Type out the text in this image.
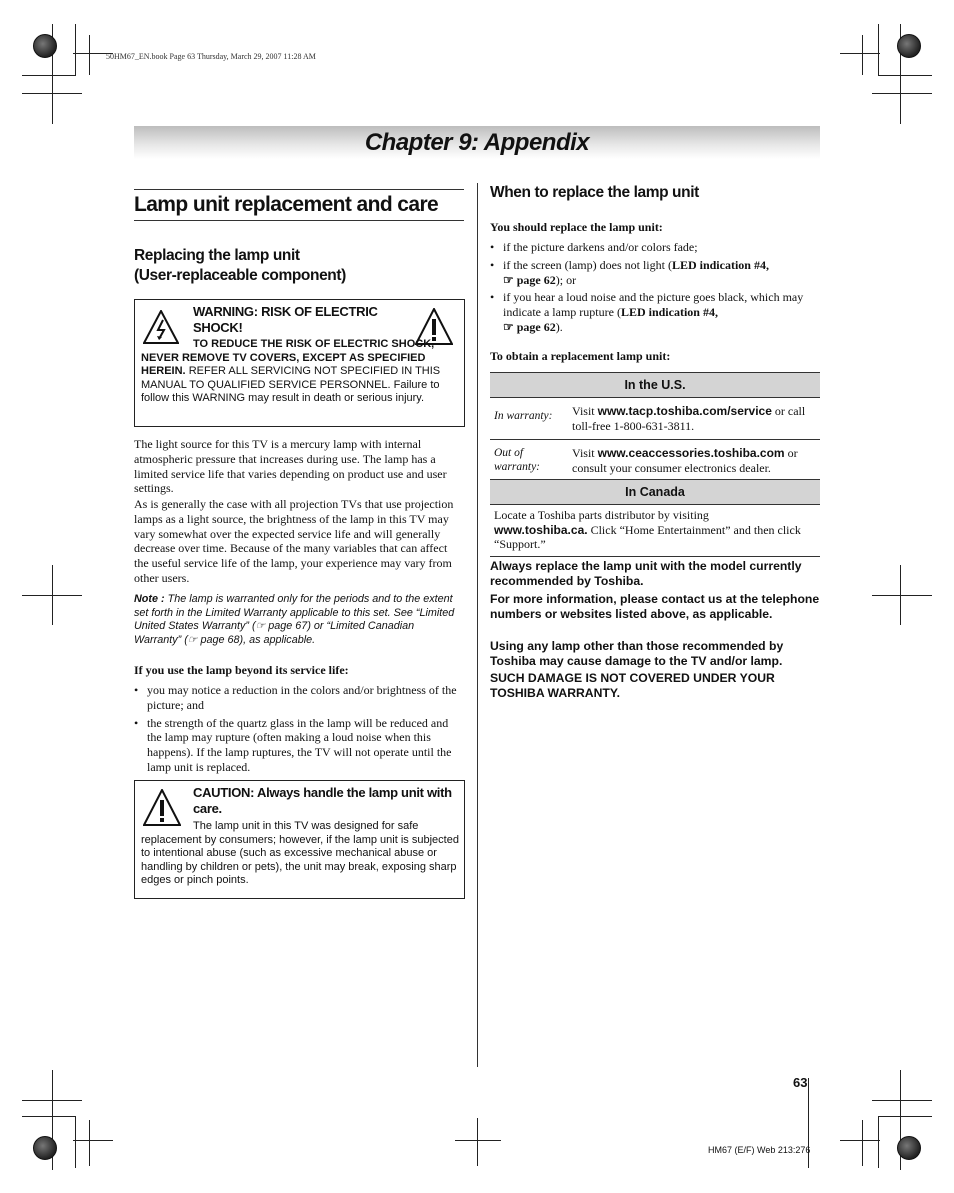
50HM67_EN.book Page 63 Thursday, March 29, 2007 11:28 AM
Chapter 9: Appendix
Lamp unit replacement and care
Replacing the lamp unit
(User-replaceable component)
WARNING: RISK OF ELECTRIC SHOCK!
TO REDUCE THE RISK OF ELECTRIC SHOCK, NEVER REMOVE TV COVERS, EXCEPT AS SPECIFIED HEREIN. REFER ALL SERVICING NOT SPECIFIED IN THIS MANUAL TO QUALIFIED SERVICE PERSONNEL. Failure to follow this WARNING may result in death or serious injury.
The light source for this TV is a mercury lamp with internal atmospheric pressure that increases during use. The lamp has a limited service life that varies depending on product use and user settings.
As is generally the case with all projection TVs that use projection lamps as a light source, the brightness of the lamp in this TV may vary somewhat over the expected service life and will generally decrease over time. Because of the many variables that can affect the useful service life of the lamp, your experience may vary from other users.
Note : The lamp is warranted only for the periods and to the extent set forth in the Limited Warranty applicable to this set. See “Limited United States Warranty” (☞ page 67) or “Limited Canadian Warranty” (☞ page 68), as applicable.
If you use the lamp beyond its service life:
• you may notice a reduction in the colors and/or brightness of the picture; and
• the strength of the quartz glass in the lamp will be reduced and the lamp may rupture (often making a loud noise when this happens). If the lamp ruptures, the TV will not operate until the lamp unit is replaced.
CAUTION: Always handle the lamp unit with care.
The lamp unit in this TV was designed for safe replacement by consumers; however, if the lamp unit is subjected to intentional abuse (such as excessive mechanical abuse or handling by children or pets), the unit may break, exposing sharp edges or pinch points.
When to replace the lamp unit
You should replace the lamp unit:
• if the picture darkens and/or colors fade;
• if the screen (lamp) does not light (LED indication #4,
☞ page 62); or
• if you hear a loud noise and the picture goes black, which may indicate a lamp rupture (LED indication #4,
☞ page 62).
To obtain a replacement lamp unit:
In the U.S.	
In warranty:	Visit www.tacp.toshiba.com/service or call toll-free 1-800-631-3811.
Out of warranty:	Visit www.ceaccessories.toshiba.com or consult your consumer electronics dealer.
In Canada
Locate a Toshiba parts distributor by visiting
www.toshiba.ca. Click “Home Entertainment” and then click “Support.”
Always replace the lamp unit with the model currently recommended by Toshiba.
For more information, please contact us at the telephone numbers or websites listed above, as applicable.
Using any lamp other than those recommended by Toshiba may cause damage to the TV and/or lamp.
SUCH DAMAGE IS NOT COVERED UNDER YOUR TOSHIBA WARRANTY.
63
HM67 (E/F) Web 213:276
